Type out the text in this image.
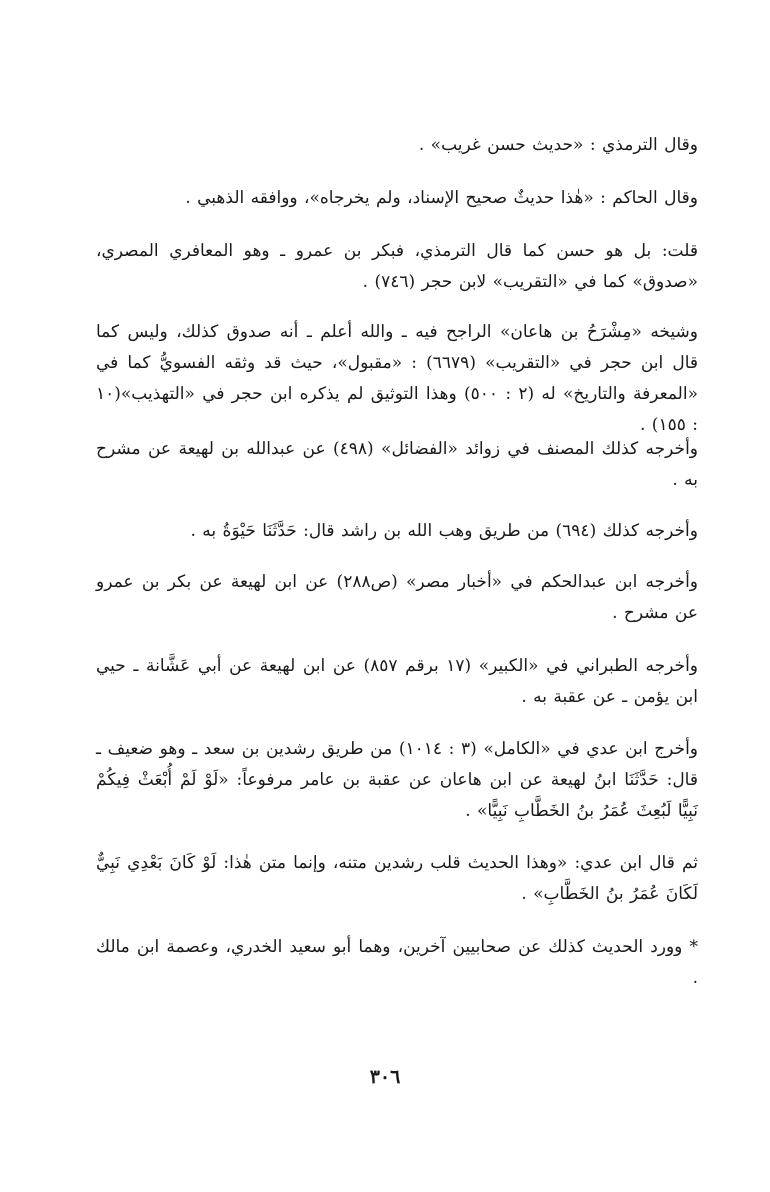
وقال الترمذي : «حديث حسن غريب» .

وقال الحاكم : «هٰذا حديثٌ صحيح الإسناد، ولم يخرجاه»، ووافقه الذهبي .

قلت: بل هو حسن كما قال الترمذي، فبكر بن عمرو ـ وهو المعافري المصري، «صدوق» كما في «التقريب» لابن حجر (٧٤٦) .

وشيخه «مِشْرَحُ بن هاعان» الراجح فيه ـ والله أعلم ـ أنه صدوق كذلك، وليس كما قال ابن حجر في «التقريب» (٦٦٧٩) : «مقبول»، حيث قد وثقه الفسويُّ كما في «المعرفة والتاريخ» له (٢ : ٥٠٠) وهذا التوثيق لم يذكره ابن حجر في «التهذيب»(١٠ : ١٥٥) .

وأخرجه كذلك المصنف في زوائد «الفضائل» (٤٩٨) عن عبدالله بن لهيعة عن مشرح به .

وأخرجه كذلك (٦٩٤) من طريق وهب الله بن راشد قال: حَدَّثَنَا حَيْوَةُ به .

وأخرجه ابن عبدالحكم في «أخبار مصر» (ص٢٨٨) عن ابن لهيعة عن بكر بن عمرو عن مشرح .

وأخرجه الطبراني في «الكبير» (١٧ برقم ٨٥٧) عن ابن لهيعة عن أبي عَشَّانة ـ حيي ابن يؤمن ـ عن عقبة به .

وأخرج ابن عدي في «الكامل» (٣ : ١٠١٤) من طريق رشدين بن سعد ـ وهو ضعيف ـ قال: حَدَّثَنَا ابنُ لهيعة عن ابن هاعان عن عقبة بن عامر مرفوعاً: «لَوْ لَمْ أُبْعَثْ فِيكُمْ نَبِيًّا لَبُعِثَ عُمَرُ بنُ الخَطَّابِ نَبِيًّا» .

ثم قال ابن عدي: «وهذا الحديث قلب رشدين متنه، وإنما متن هٰذا: لَوْ كَانَ بَعْدِي نَبِيٌّ لَكَانَ عُمَرُ بنُ الخَطَّابِ» .

* وورد الحديث كذلك عن صحابيين آخرين، وهما أبو سعيد الخدري، وعصمة ابن مالك .

٣٠٦
